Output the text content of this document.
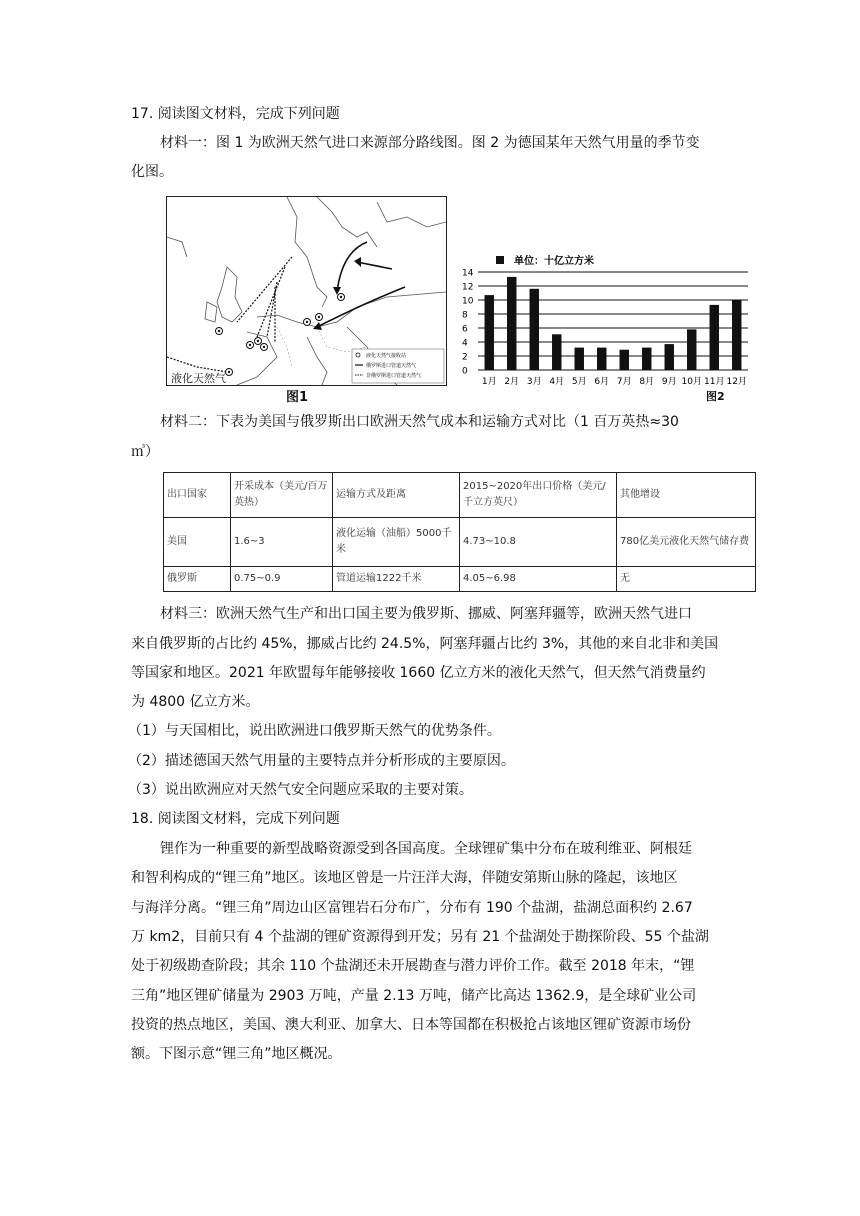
17. 阅读图文材料，完成下列问题
材料一：图 1 为欧洲天然气进口来源部分路线图。图 2 为德国某年天然气用量的季节变
化图。
液化天然气接收站
俄罗斯进口管道天然气
非俄罗斯进口管道天然气
液化天然气
图1
0
2
4
6
8
10
12
14
1月 2月 3月 4月 5月 6月 7月 8月 9月 10月 11月 12月
单位：十亿立方米
图2
材料二：下表为美国与俄罗斯出口欧洲天然气成本和运输方式对比（1 百万英热≈30
㎥）
出口国家	开采成本（美元/百万英热）	运输方式及距离	2015~2020年出口价格（美元/千立方英尺）	其他增设
美国	1.6~3	液化运输（油船）5000千米	4.73~10.8	780亿美元液化天然气储存费
俄罗斯	0.75~0.9	管道运输1222千米	4.05~6.98	无
材料三：欧洲天然气生产和出口国主要为俄罗斯、挪威、阿塞拜疆等，欧洲天然气进口
来自俄罗斯的占比约 45%，挪威占比约 24.5%，阿塞拜疆占比约 3%，其他的来自北非和美国
等国家和地区。2021 年欧盟每年能够接收 1660 亿立方米的液化天然气，但天然气消费量约
为 4800 亿立方米。
（1）与天国相比，说出欧洲进口俄罗斯天然气的优势条件。
（2）描述德国天然气用量的主要特点并分析形成的主要原因。
（3）说出欧洲应对天然气安全问题应采取的主要对策。
18. 阅读图文材料，完成下列问题
锂作为一种重要的新型战略资源受到各国高度。全球锂矿集中分布在玻利维亚、阿根廷
和智利构成的“锂三角”地区。该地区曾是一片汪洋大海，伴随安第斯山脉的隆起，该地区
与海洋分离。“锂三角”周边山区富锂岩石分布广，分布有 190 个盐湖，盐湖总面积约 2.67
万 km2，目前只有 4 个盐湖的锂矿资源得到开发；另有 21 个盐湖处于勘探阶段、55 个盐湖
处于初级勘查阶段；其余 110 个盐湖还未开展勘查与潜力评价工作。截至 2018 年末，“锂
三角”地区锂矿储量为 2903 万吨，产量 2.13 万吨，储产比高达 1362.9，是全球矿业公司
投资的热点地区，美国、澳大利亚、加拿大、日本等国都在积极抢占该地区锂矿资源市场份
额。下图示意“锂三角”地区概况。
